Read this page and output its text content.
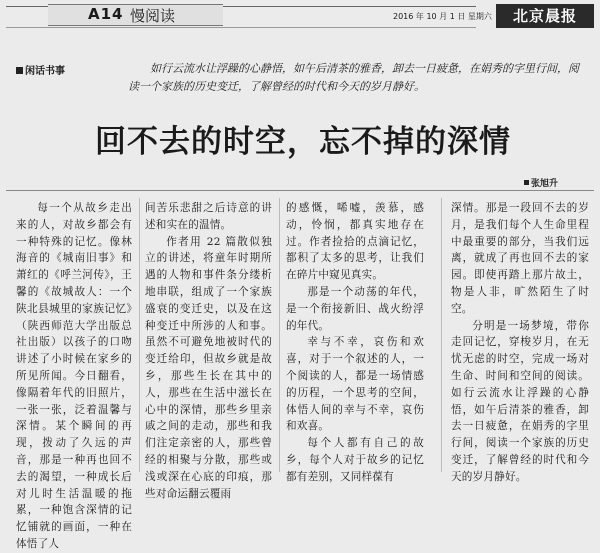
A14 慢阅读	2016 年 10 月 1 日 星期六	北京晨报
闲话书事	如行云流水让浮躁的心静悟，如午后清茶的雅香，卸去一日疲惫，在娟秀的字里行间，阅读一个家族的历史变迁，了解曾经的时代和今天的岁月静好。
回不去的时空，忘不掉的深情
张旭升

每一个从故乡走出来的人，对故乡都会有一种特殊的记忆。像林海音的《城南旧事》和萧红的《呼兰河传》，王馨的《故城故人：一个陕北县城里的家族记忆》（陕西师范大学出版总社出版）以孩子的口吻讲述了小时候在家乡的所见所闻。今日翻看，像隔着年代的旧照片，一张一张，泛着温馨与深情。某个瞬间的再现，拨动了久远的声音，那是一种再也回不去的渴望，一种成长后对儿时生活温暖的拖累，一种饱含深情的记忆铺就的画面，一种在体悟了人

间苦乐悲甜之后诗意的讲述和实在的温情。

作者用 22 篇散似独立的讲述，将童年时期所遇的人物和事件条分缕析地串联，组成了一个家族盛衰的变迁史，以及在这种变迁中所涉的人和事。虽然不可避免地被时代的变迁给印，但故乡就是故乡，那些生长在其中的人，那些在生活中滋长在心中的深情，那些乡里亲戚之间的走动，那些和我们注定亲密的人，那些曾经的相聚与分散，那些或浅或深在心底的印痕，那些对命运翻云覆雨

的感慨，唏嘘，羡慕，感动，怜悯，都真实地存在过。作者捡拾的点滴记忆，都积了太多的思考，让我们在碎片中窥见真实。

那是一个动荡的年代，是一个衔接新旧、战火纷浮的年代。

幸与不幸，哀伤和欢喜，对于一个叙述的人，一个阅读的人，都是一场情感的历程，一个思考的空间，体悟人间的幸与不幸，哀伤和欢喜。

每个人都有自己的故乡，每个人对于故乡的记忆都有差别，又同样葆有

深情。那是一段回不去的岁月，是我们每个人生命里程中最重要的部分，当我们远离，就成了再也回不去的家园。即使再踏上那片故土，物是人非，旷然陌生了时空。

分明是一场梦境，带你走回记忆，穿梭岁月，在无忧无虑的时空，完成一场对生命、时间和空间的阅读。如行云流水让浮躁的心静悟，如午后清茶的雅香，卸去一日疲惫，在娟秀的字里行间，阅读一个家族的历史变迁，了解曾经的时代和今天的岁月静好。
